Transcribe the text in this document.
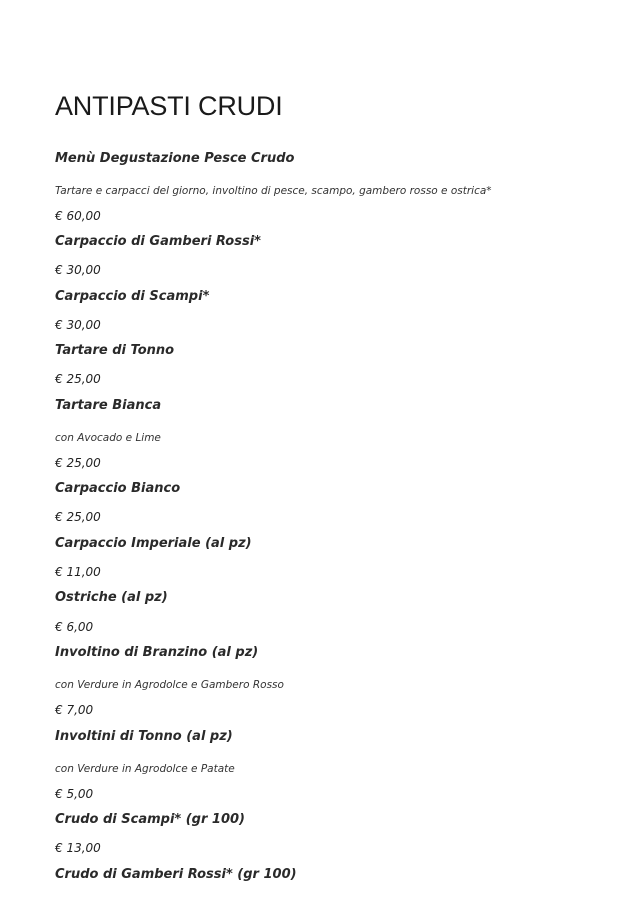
ANTIPASTI CRUDI
Menù Degustazione Pesce Crudo
Tartare e carpacci del giorno, involtino di pesce, scampo, gambero rosso e ostrica*
€ 60,00
Carpaccio di Gamberi Rossi*
€ 30,00
Carpaccio di Scampi*
€ 30,00
Tartare di Tonno
€ 25,00
Tartare Bianca
con Avocado e Lime
€ 25,00
Carpaccio Bianco
€ 25,00
Carpaccio Imperiale (al pz)
€ 11,00
Ostriche (al pz)
€ 6,00
Involtino di Branzino (al pz)
con Verdure in Agrodolce e Gambero Rosso
€ 7,00
Involtini di Tonno (al pz)
con Verdure in Agrodolce e Patate
€ 5,00
Crudo di Scampi* (gr 100)
€ 13,00
Crudo di Gamberi Rossi* (gr 100)
